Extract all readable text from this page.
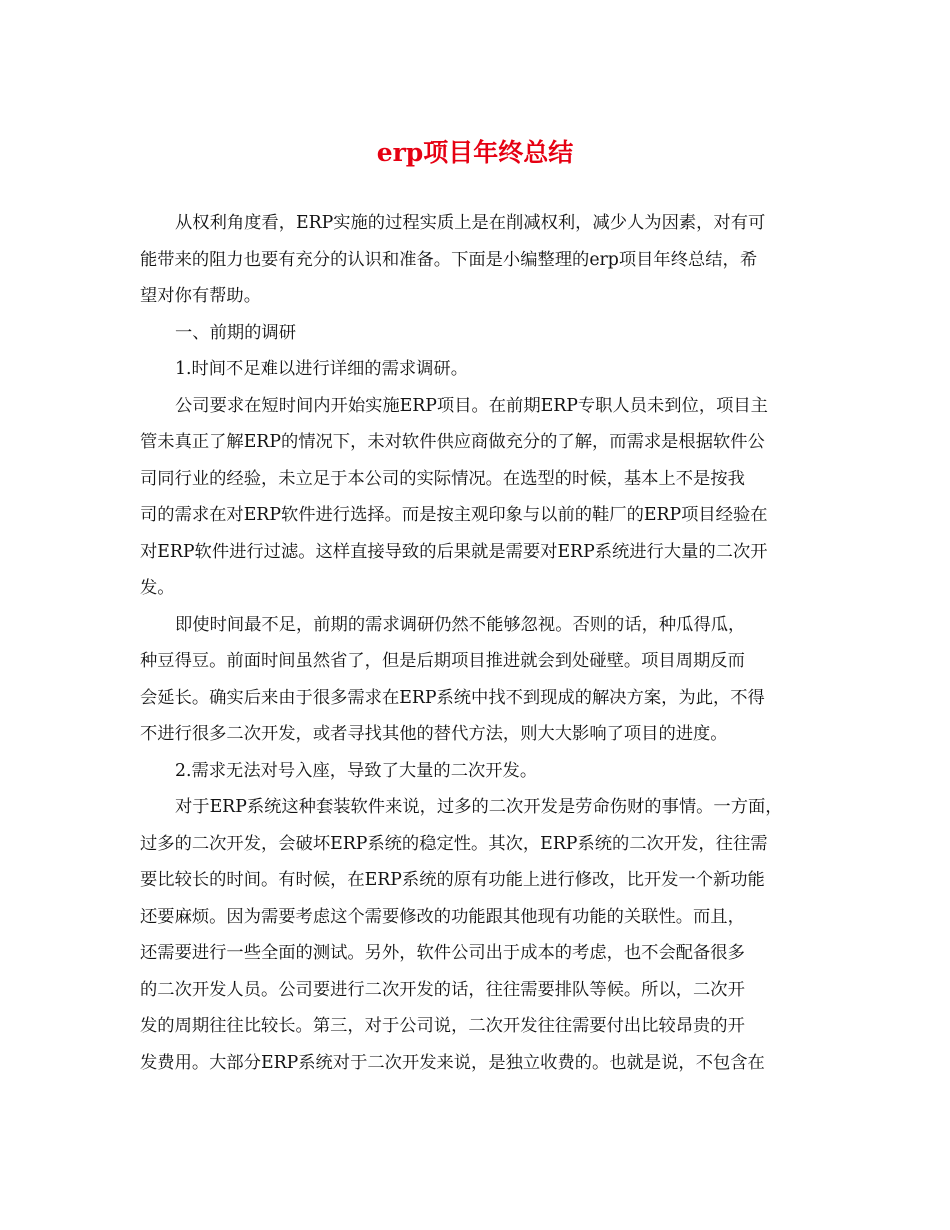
erp项目年终总结
从权利角度看，ERP实施的过程实质上是在削减权利，减少人为因素，对有可
能带来的阻力也要有充分的认识和准备。下面是小编整理的erp项目年终总结，希
望对你有帮助。
一、前期的调研
1.时间不足难以进行详细的需求调研。
公司要求在短时间内开始实施ERP项目。在前期ERP专职人员未到位，项目主
管未真正了解ERP的情况下，未对软件供应商做充分的了解，而需求是根据软件公
司同行业的经验，未立足于本公司的实际情况。在选型的时候，基本上不是按我
司的需求在对ERP软件进行选择。而是按主观印象与以前的鞋厂的ERP项目经验在
对ERP软件进行过滤。这样直接导致的后果就是需要对ERP系统进行大量的二次开
发。
即使时间最不足，前期的需求调研仍然不能够忽视。否则的话，种瓜得瓜，
种豆得豆。前面时间虽然省了，但是后期项目推进就会到处碰壁。项目周期反而
会延长。确实后来由于很多需求在ERP系统中找不到现成的解决方案，为此，不得
不进行很多二次开发，或者寻找其他的替代方法，则大大影响了项目的进度。
2.需求无法对号入座，导致了大量的二次开发。
对于ERP系统这种套装软件来说，过多的二次开发是劳命伤财的事情。一方面，
过多的二次开发，会破坏ERP系统的稳定性。其次，ERP系统的二次开发，往往需
要比较长的时间。有时候，在ERP系统的原有功能上进行修改，比开发一个新功能
还要麻烦。因为需要考虑这个需要修改的功能跟其他现有功能的关联性。而且，
还需要进行一些全面的测试。另外，软件公司出于成本的考虑，也不会配备很多
的二次开发人员。公司要进行二次开发的话，往往需要排队等候。所以，二次开
发的周期往往比较长。第三，对于公司说，二次开发往往需要付出比较昂贵的开
发费用。大部分ERP系统对于二次开发来说，是独立收费的。也就是说，不包含在
